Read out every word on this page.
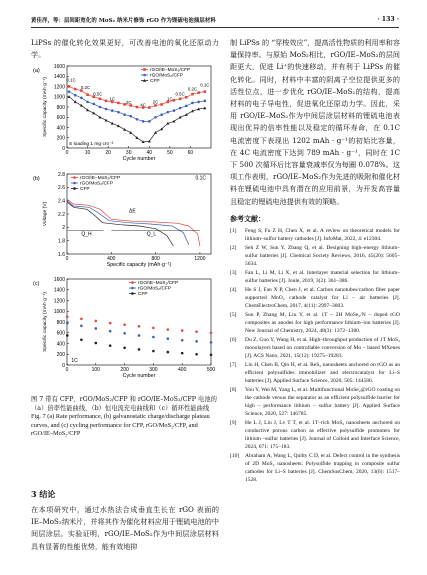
黄佳洋，等：层间距宽化的 MoS₂ 纳米片修饰 rGO 作为锂硫电池插层材料	· 133 ·

LiPSs 的催化转化效果更好，可改善电池的氧化还原动力学。

(a)
0	10	20	30	40	50	60
0
200
400
600
800
1000
1200
1400
1600
Cycle number
Specific capacity (mAh·g⁻¹)
rGO/IE–MoS₂/CFP
rGO/MoS₂/CFP
CFP
0.1C
0.2C
0.5C
1C
2C
4C
2C
1C
0.5C
0.2C
0.1C
S loading 1 mg·cm⁻²
(b)
0	400	800	1200
1.6
1.8
2
2.2
2.4
2.6
2.8
Specific capacity (mAh·g⁻¹)
Voltage (V)
rGO/IE–MoS₂/CFP
rGO/MoS₂/CFP
CFP
0.1C
Q_H	Q_L
ΔE
(c)
0	100	200	300	400	500
0
200
400
600
800
1000
1200
1400
1600
Cycle number
Specific capacity (mAh·g⁻¹)
rGO/IE–MoS₂/CFP
rGO/MoS₂/CFP
CFP
1C

图 7 带有 CFP、rGO/MoS₂/CFP 和 rGO/IE–MoS₂/CFP 电池的（a）倍率性能曲线，（b）恒电流充电曲线和（c）循环性能曲线

Fig. 7 (a) Rate performance, (b) galvanostatic charge/discharge plateau curves, and (c) cycling performance for CFP, rGO/MoS₂/CFP, and rGO/IE–MoS₂/CFP

3 结论

在本项研究中，通过水热法合成垂直生长在 rGO 表面的 IE–MoS₂纳米片，并将其作为催化材料应用于锂硫电池的中间层涂层。实验证明，rGO/IE–MoS₂作为中间层涂层材料具有显著的性能优势，能有效地抑

制 LiPSs 的 “穿梭效应”，提高活性物质的利用率和容量保持率。与原始 MoS₂相比，rGO/IE–MoS₂的层间距更大，促进 Li⁺的快速移动，并有利于 LiPSs 的催化转化。同时，材料中丰富的阴离子空位提供更多的活性位点，进一步优化 rGO/IE–MoS₂的结构，提高材料的电子导电性，促进氧化还原动力学。因此，采用 rGO/IE–MoS₂作为中间层涂层材料的锂硫电池表现出优异的倍率性能以及稳定的循环寿命，在 0.1C 电流密度下表现出 1202 mAh · g⁻¹的初始比容量，在 4C 电流密度下达到 789 mAh · g⁻¹，同时在 1C 下 500 次循环后比容量衰减率仅为每圈 0.078%。这项工作表明，rGO/IE–MoS₂作为先进的吸附和催化材料在锂硫电池中具有潜在的应用前景，为开发高容量且稳定的锂硫电池提供有效的策略。

参考文献：
[1]	Feng S, Fu Z H, Chen X, et al. A review on theoretical models for lithium–sulfur battery cathodes [J]. InfoMat, 2022, 4: e12304.
[2]	Seh Z W, Sun Y, Zhang Q, et al. Designing high–energy lithium–sulfur batteries [J]. Chemical Society Reviews, 2016, 45(20): 5605–5634.
[3]	Fan L, Li M, Li X, et al. Interlayer material selection for lithium–sulfur batteries [J]. Joule, 2019, 3(2): 361–386.
[4]	He S J, Fan X P, Chen J, et al. Carbon nanotubes/carbon fiber paper supported MnO₂ cathode catalyst for Li – air batteries [J]. ChemElectroChem, 2017, 4(11): 2997–3003.
[5]	Sun P, Zhang M, Liu Y, et al. 1T – 2H MoSe₂/N – doped rGO composites as anodes for high performance lithium–ion batteries [J]. New Journal of Chemistry, 2024, 48(3): 1372–1380.
[6]	Du Z, Guo Y, Wang H, et al. High–throughput production of 1T MoS₂ monolayers based on controllable conversion of Mo – based MXenes [J]. ACS Nano, 2021, 15(12): 19275–19283.
[7]	Lin H, Chen B, Qin H, et al. ReS₂ nanosheets anchored on rGO as an efficient polysulfides immobilizer and electrocatalyst for Li–S batteries [J]. Applied Surface Science, 2020, 505: 144586.
[8]	You Y, Wei M, Yang L, et al. Multifunctional MoSe₂@rGO coating on the cathode versus the separator as an efficient polysulfide barrier for high – performance lithium – sulfur battery [J]. Applied Surface Science, 2020, 527: 146785.
[9]	He L J, Liu J, Lv T T, et al. 1T–rich MoS₂ nanosheets anchored on conductive porous carbon as effective polysulfide promoters for lithium –sulfur batteries [J]. Journal of Colloid and Interface Science, 2024, 671: 175–183.
[10]	Abraham A, Wang L, Quilty C D, et al. Defect control in the synthesis of 2D MoS₂ nanosheets: Polysulfide trapping in composite sulfur cathodes for Li–S batteries [J]. ChemSusChem, 2020, 13(6): 1517–1528.
